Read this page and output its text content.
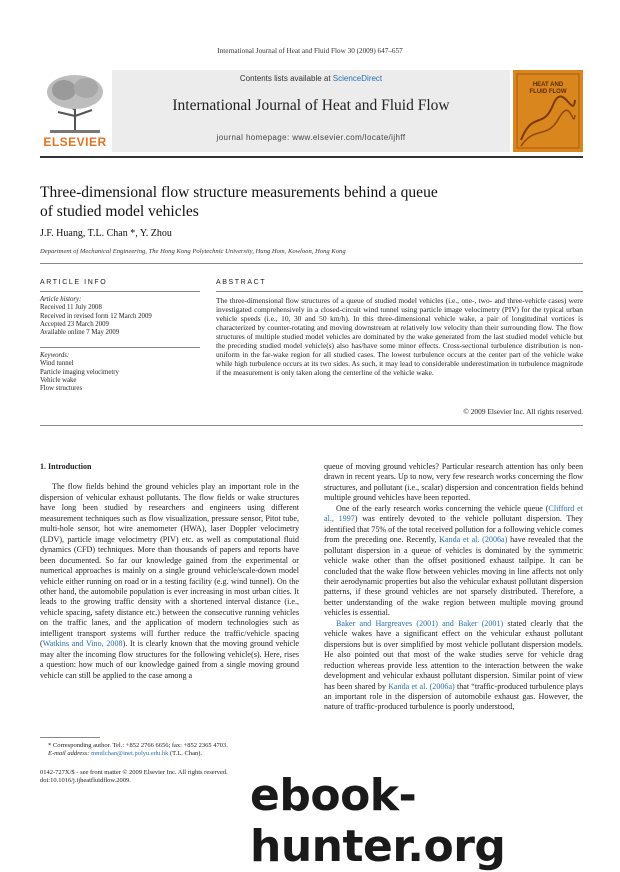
International Journal of Heat and Fluid Flow 30 (2009) 647–657
ELSEVIER
Contents lists available at ScienceDirect
International Journal of Heat and Fluid Flow
journal homepage: www.elsevier.com/locate/ijhff
HEAT AND
FLUID FLOW
Three-dimensional flow structure measurements behind a queue
of studied model vehicles
J.F. Huang, T.L. Chan *, Y. Zhou
Department of Mechanical Engineering, The Hong Kong Polytechnic University, Hung Hom, Kowloon, Hong Kong
ARTICLE INFO
Article history:
Received 11 July 2008
Received in revised form 12 March 2009
Accepted 23 March 2009
Available online 7 May 2009
Keywords:
Wind tunnel
Particle imaging velocimetry
Vehicle wake
Flow structures
ABSTRACT
The three-dimensional flow structures of a queue of studied model vehicles (i.e., one-, two- and three-vehicle cases) were investigated comprehensively in a closed-circuit wind tunnel using particle image velocimetry (PIV) for the typical urban vehicle speeds (i.e., 10, 30 and 50 km/h). In this three-dimensional vehicle wake, a pair of longitudinal vortices is characterized by counter-rotating and moving downstream at relatively low velocity than their surrounding flow. The flow structures of multiple studied model vehicles are dominated by the wake generated from the last studied model vehicle but the preceding studied model vehicle(s) also has/have some minor effects. Cross-sectional turbulence distribution is non-uniform in the far-wake region for all studied cases. The lowest turbulence occurs at the center part of the vehicle wake while high turbulence occurs at its two sides. As such, it may lead to considerable underestimation in turbulence magnitude if the measurement is only taken along the centerline of the vehicle wake.
© 2009 Elsevier Inc. All rights reserved.

1. Introduction

The flow fields behind the ground vehicles play an important role in the dispersion of vehicular exhaust pollutants. The flow fields or wake structures have long been studied by researchers and engineers using different measurement techniques such as flow visualization, pressure sensor, Pitot tube, multi-hole sensor, hot wire anemometer (HWA), laser Doppler velocimetry (LDV), particle image velocimetry (PIV) etc. as well as computational fluid dynamics (CFD) techniques. More than thousands of papers and reports have been documented. So far our knowledge gained from the experimental or numerical approaches is mainly on a single ground vehicle/scale-down model vehicle either running on road or in a testing facility (e.g. wind tunnel). On the other hand, the automobile population is ever increasing in most urban cities. It leads to the growing traffic density with a shortened interval distance (i.e., vehicle spacing, safety distance etc.) between the consecutive running vehicles on the traffic lanes, and the application of modern technologies such as intelligent transport systems will further reduce the traffic/vehicle spacing (Watkins and Vino, 2008). It is clearly known that the moving ground vehicle may alter the incoming flow structures for the following vehicle(s). Here, rises a question: how much of our knowledge gained from a single moving ground vehicle can still be applied to the case among a

queue of moving ground vehicles? Particular research attention has only been drawn in recent years. Up to now, very few research works concerning the flow structures, and pollutant (i.e., scalar) dispersion and concentration fields behind multiple ground vehicles have been reported.

One of the early research works concerning the vehicle queue (Clifford et al., 1997) was entirely devoted to the vehicle pollutant dispersion. They identified that 75% of the total received pollution for a following vehicle comes from the preceding one. Recently, Kanda et al. (2006a) have revealed that the pollutant dispersion in a queue of vehicles is dominated by the symmetric vehicle wake other than the offset positioned exhaust tailpipe. It can be concluded that the wake flow between vehicles moving in line affects not only their aerodynamic properties but also the vehicular exhaust pollutant dispersion patterns, if these ground vehicles are not sparsely distributed. Therefore, a better understanding of the wake region between multiple moving ground vehicles is essential.

Baker and Hargreaves (2001) and Baker (2001) stated clearly that the vehicle wakes have a significant effect on the vehicular exhaust pollutant dispersions but is over simplified by most vehicle pollutant dispersion models. He also pointed out that most of the wake studies serve for vehicle drag reduction whereas provide less attention to the interaction between the wake development and vehicular exhaust pollutant dispersion. Similar point of view has been shared by Kanda et al. (2006a) that “traffic-produced turbulence plays an important role in the dispersion of automobile exhaust gas. However, the nature of traffic-produced turbulence is poorly understood,

* Corresponding author. Tel.: +852 2766 6656; fax: +852 2365 4703.
E-mail address: mmtlchan@inet.polyu.edu.hk (T.L. Chan).
0142-727X/$ - see front matter © 2009 Elsevier Inc. All rights reserved.
doi:10.1016/j.ijheatfluidflow.2009.	ebook-hunter.org
